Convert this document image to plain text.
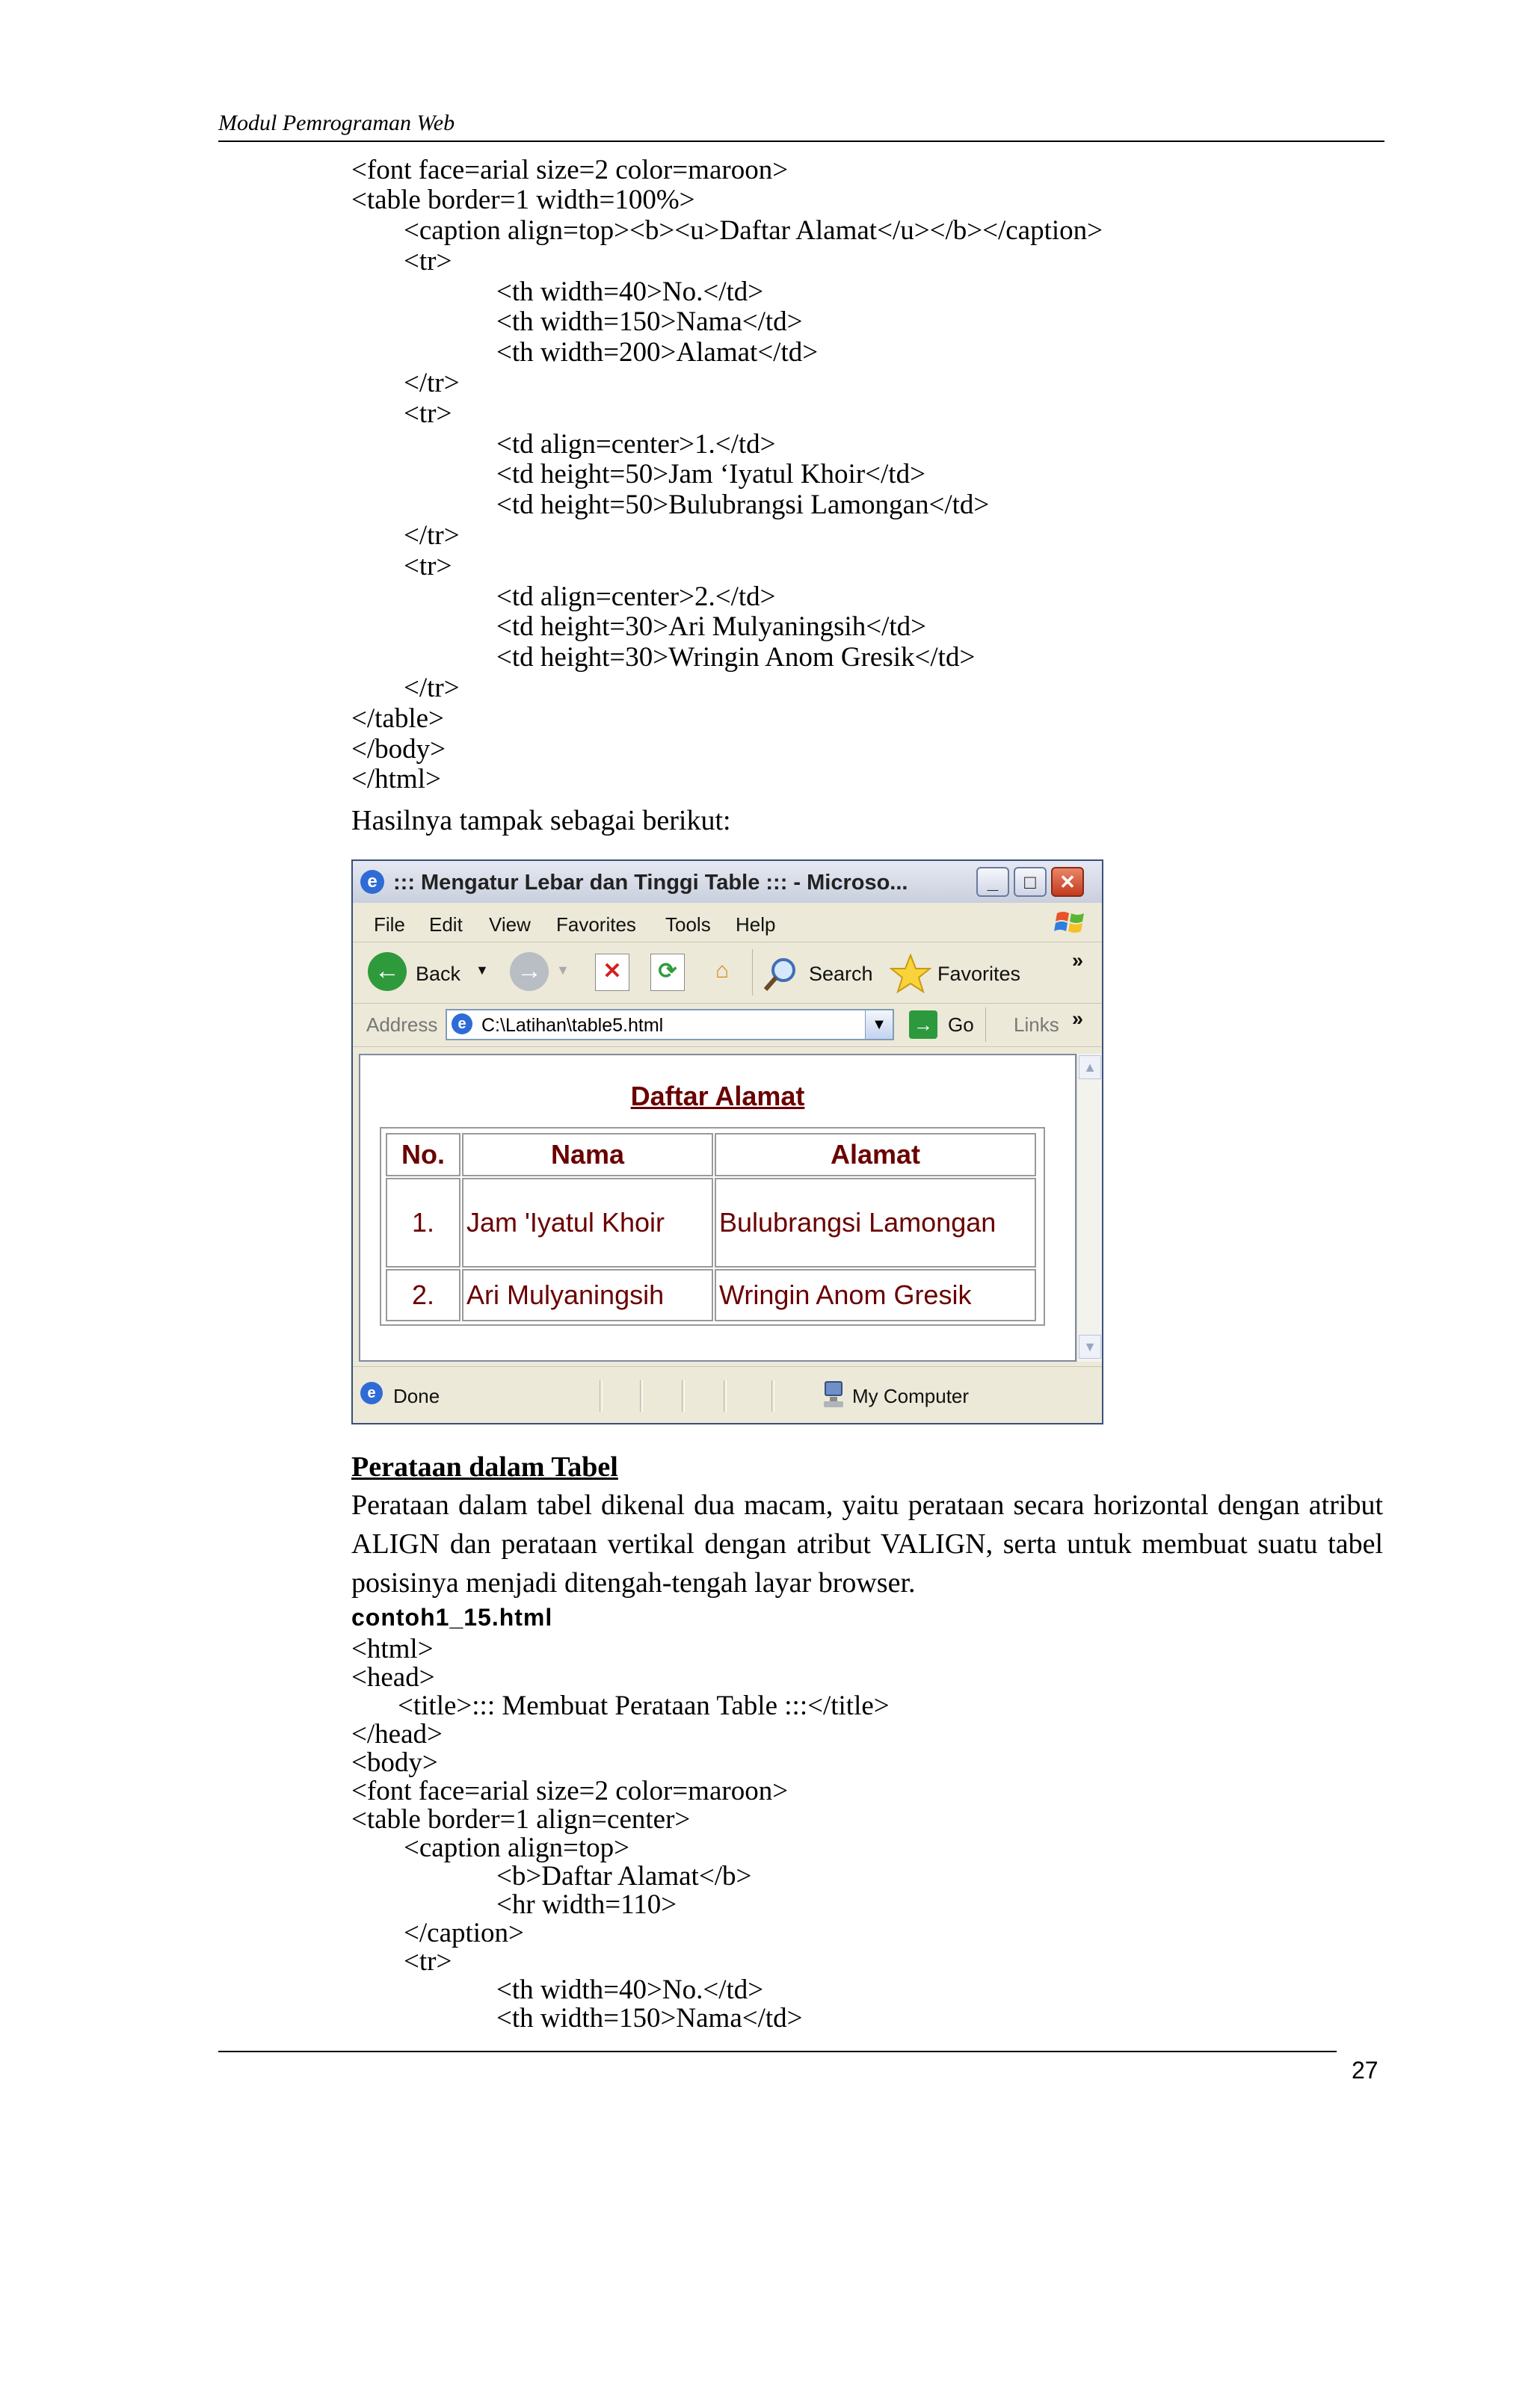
Modul Pemrograman Web
<font face=arial size=2 color=maroon>
<table border=1 width=100%>
<caption align=top><b><u>Daftar Alamat</u></b></caption>
<tr>
<th width=40>No.</td>
<th width=150>Nama</td>
<th width=200>Alamat</td>
</tr>
<tr>
<td align=center>1.</td>
<td height=50>Jam ‘Iyatul Khoir</td>
<td height=50>Bulubrangsi Lamongan</td>
</tr>
<tr>
<td align=center>2.</td>
<td height=30>Ari Mulyaningsih</td>
<td height=30>Wringin Anom Gresik</td>
</tr>
</table>
</body>
</html>
Hasilnya tampak sebagai berikut:
e ::: Mengatur Lebar dan Tinggi Table ::: - Microso...	_	□	✕
File Edit View Favorites Tools Help
← Back ▼ →	▼	✕	⟳	⌂	Search	Favorites
»
Address	e C:\Latihan\table5.html	▼	→ Go Links »
Daftar Alamat
No.	Nama	Alamat
1.	Jam 'Iyatul Khoir	Bulubrangsi Lamongan
2.	Ari Mulyaningsih	Wringin Anom Gresik
▲
▼
e Done	My Computer
Perataan dalam Tabel
Perataan dalam tabel dikenal dua macam, yaitu perataan secara horizontal dengan atribut ALIGN dan perataan vertikal dengan atribut VALIGN, serta untuk membuat suatu tabel posisinya menjadi ditengah-tengah layar browser.
contoh1_15.html
<html>
<head>
<title>::: Membuat Perataan Table :::</title>
</head>
<body>
<font face=arial size=2 color=maroon>
<table border=1 align=center>
<caption align=top>
<b>Daftar Alamat</b>
<hr width=110>
</caption>
<tr>
<th width=40>No.</td>
<th width=150>Nama</td>
27
